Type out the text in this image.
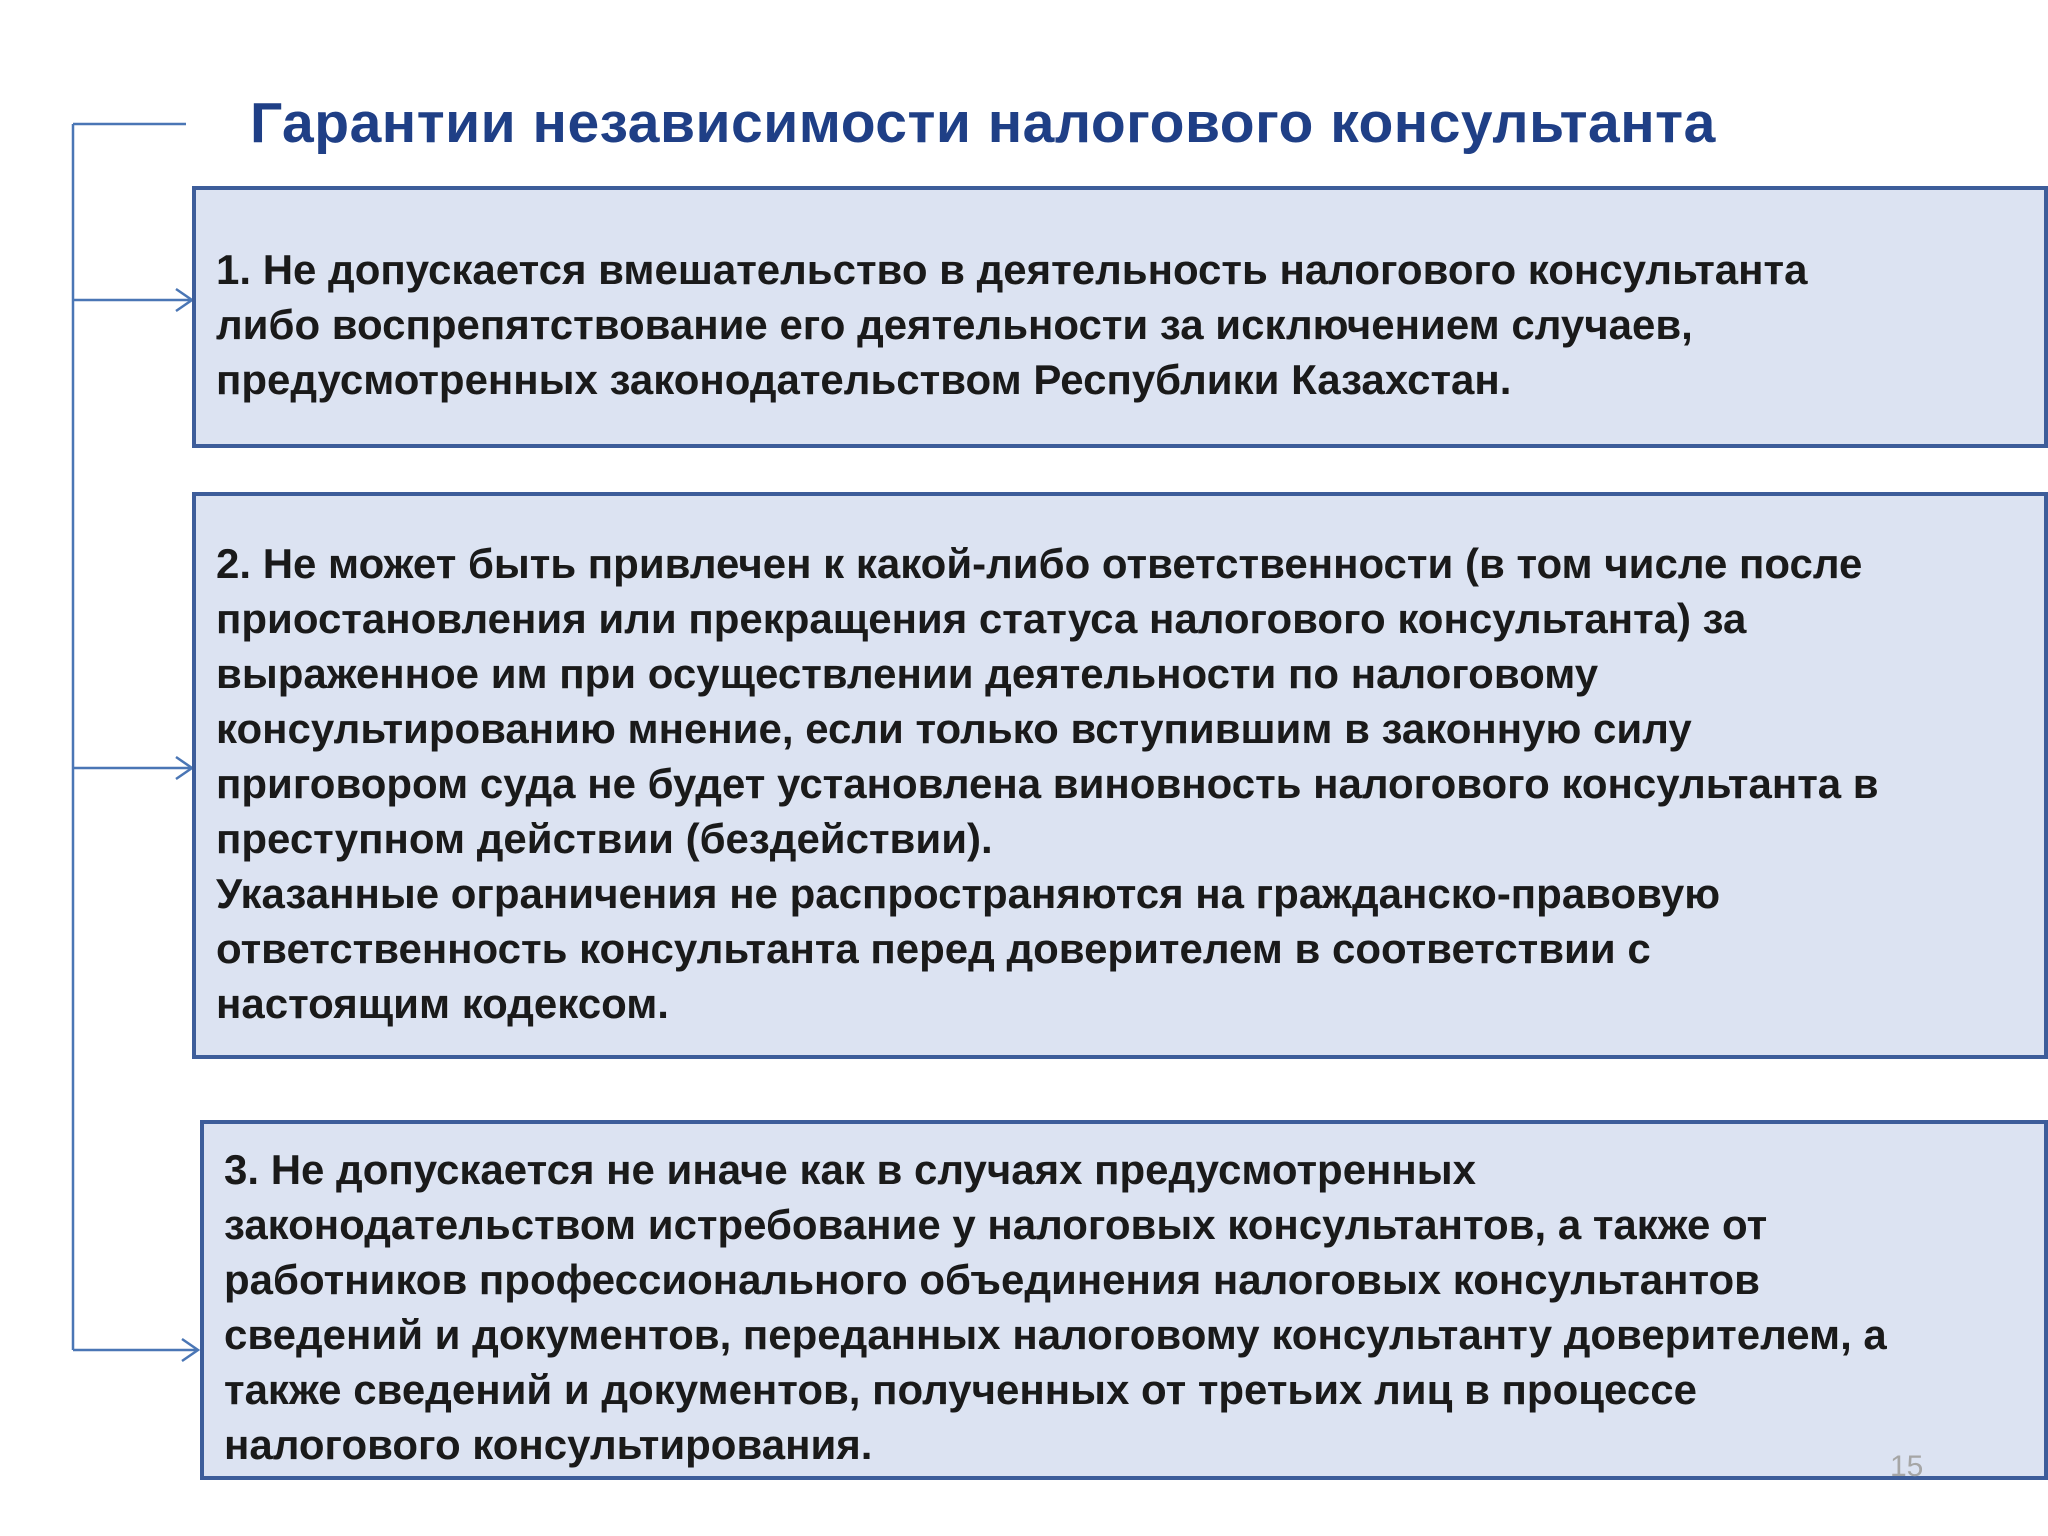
Гарантии независимости налогового консультанта

1. Не допускается вмешательство в деятельность налогового консультанта
либо воспрепятствование его деятельности за исключением случаев,
предусмотренных законодательством Республики Казахстан.

2. Не может быть привлечен к какой-либо ответственности (в том числе после
приостановления или прекращения статуса налогового консультанта) за
выраженное им при осуществлении деятельности по налоговому
консультированию мнение, если только вступившим в законную силу
приговором суда не будет установлена виновность налогового консультанта в
преступном действии (бездействии).
Указанные ограничения не распространяются на гражданско-правовую
ответственность консультанта перед доверителем в соответствии с
настоящим кодексом.

3. Не допускается не иначе как в случаях предусмотренных
законодательством истребование у налоговых консультантов, а также от
работников профессионального объединения налоговых консультантов
сведений и документов, переданных налоговому консультанту доверителем, а
также сведений и документов, полученных от третьих лиц в процессе
налогового консультирования.	15
